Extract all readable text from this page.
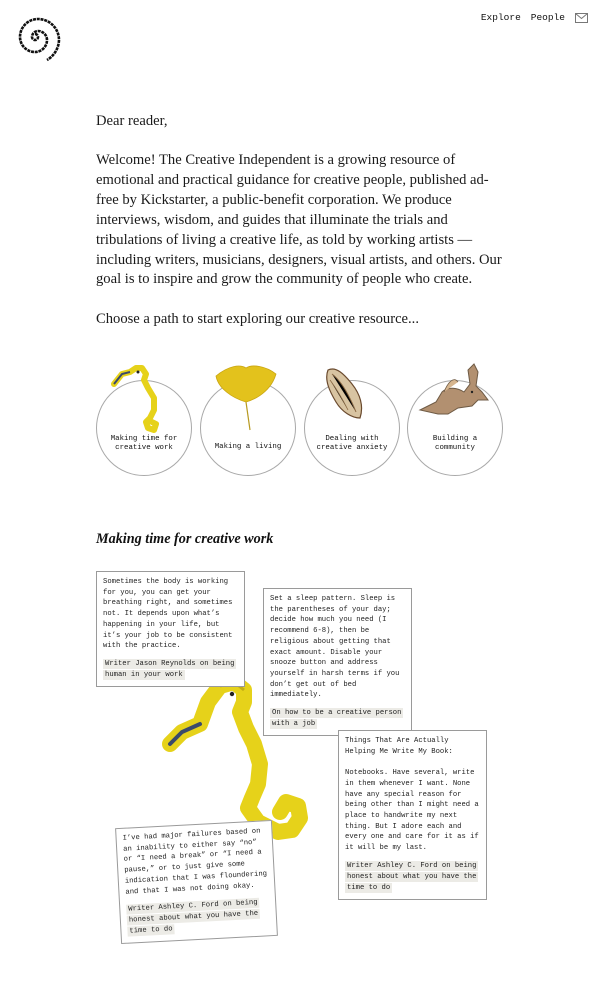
Explore People

Dear reader,

Welcome! The Creative Independent is a growing resource of emotional and practical guidance for creative people, published ad-free by Kickstarter, a public-benefit corporation. We produce interviews, wisdom, and guides that illuminate the trials and tribulations of living a creative life, as told by working artists — including writers, musicians, designers, visual artists, and others. Our goal is to inspire and grow the community of people who create.

Choose a path to start exploring our creative resource...

Making time for creative work	Making a living
Dealing with creative anxiety
Building a community
Making time for creative work
Sometimes the body is working for you, you can get your breathing right, and sometimes not. It depends upon what’s happening in your life, but it’s your job to be consistent with the practice.
Writer Jason Reynolds on being human in your work
Set a sleep pattern. Sleep is the parentheses of your day; decide how much you need (I recommend 6-8), then be religious about getting that exact amount. Disable your snooze button and address yourself in harsh terms if you don’t get out of bed immediately.
On how to be a creative person with a job
Things That Are Actually Helping Me Write My Book:

Notebooks. Have several, write in them whenever I want. None have any special reason for being other than I might need a place to handwrite my next thing. But I adore each and every one and care for it as if it will be my last.
Writer Ashley C. Ford on being honest about what you have the time to do
I’ve had major failures based on an inability to either say “no” or “I need a break” or “I need a pause,” or to just give some indication that I was floundering and that I was not doing okay.
Writer Ashley C. Ford on being honest about what you have the time to do
